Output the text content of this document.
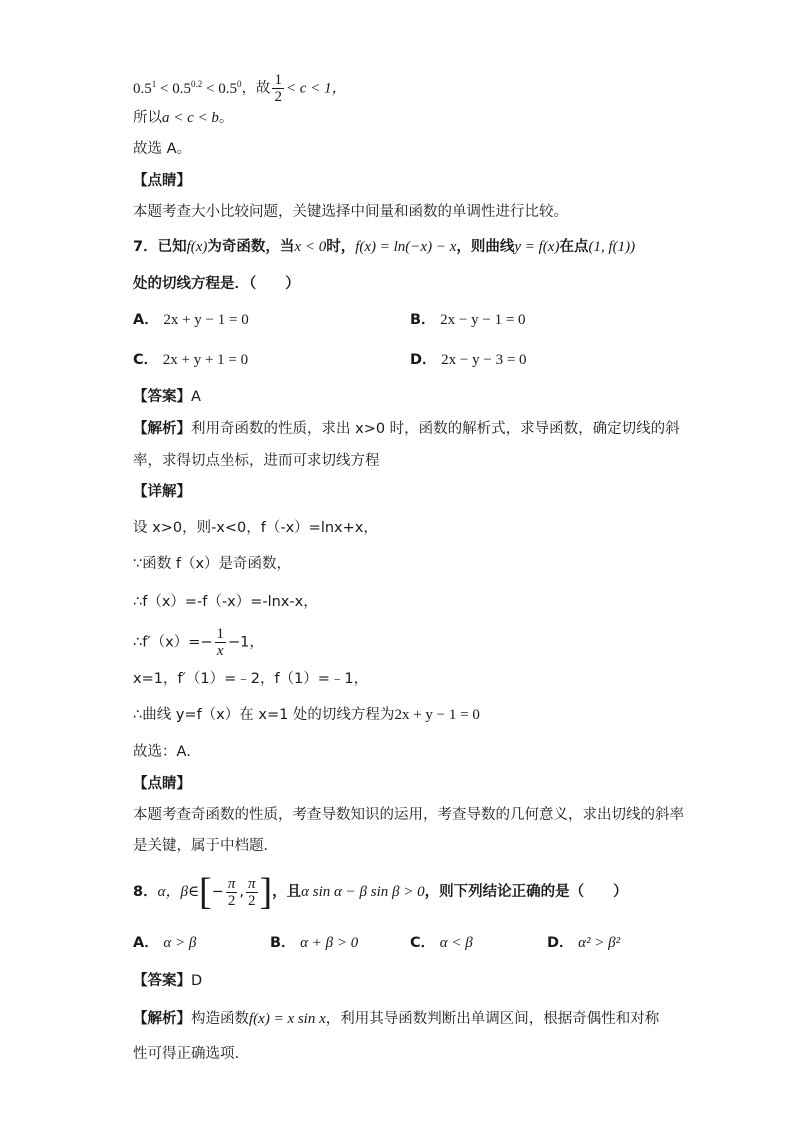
$0.5^1 < 0.5^{0.2} < 0.5^0$，故 $\frac{1}{2} < c < 1$，
所以a < c < b。
故选 A。
【点睛】
本题考查大小比较问题，关键选择中间量和函数的单调性进行比较。
7．已知f(x)为奇函数，当x < 0时，f(x) = ln(−x) − x，则曲线y = f(x)在点(1, f(1))
处的切线方程是．（　　）
A． 2x + y − 1 = 0	B． 2x − y − 1 = 0
C． 2x + y + 1 = 0	D． 2x − y − 3 = 0
【答案】A
【解析】利用奇函数的性质，求出 x>0 时，函数的解析式，求导函数，确定切线的斜
率，求得切点坐标，进而可求切线方程
【详解】
设 x>0，则-x<0，f（-x）=lnx+x，
∵函数 f（x）是奇函数，
∴f（x）=-f（-x）=-lnx-x，
∴f′（x）=− $\frac{1}{x} -1$，
x=1，f′（1）=﹣2，f（1）=﹣1，
∴曲线 y=f（x）在 x=1 处的切线方程为2x + y − 1 = 0
故选：A．
【点睛】
本题考查奇函数的性质，考查导数知识的运用，考查导数的几何意义，求出切线的斜率
是关键，属于中档题．
8．α，β∈[− $\frac{\pi}{2}$ , $\frac{\pi}{2}$ ]，且α sin α − β sin β > 0，则下列结论正确的是（　　）
A． α > β	B． α + β > 0	C． α < β	D． α² > β²
【答案】D
【解析】构造函数f(x) = x sin x，利用其导函数判断出单调区间，根据奇偶性和对称
性可得正确选项.
